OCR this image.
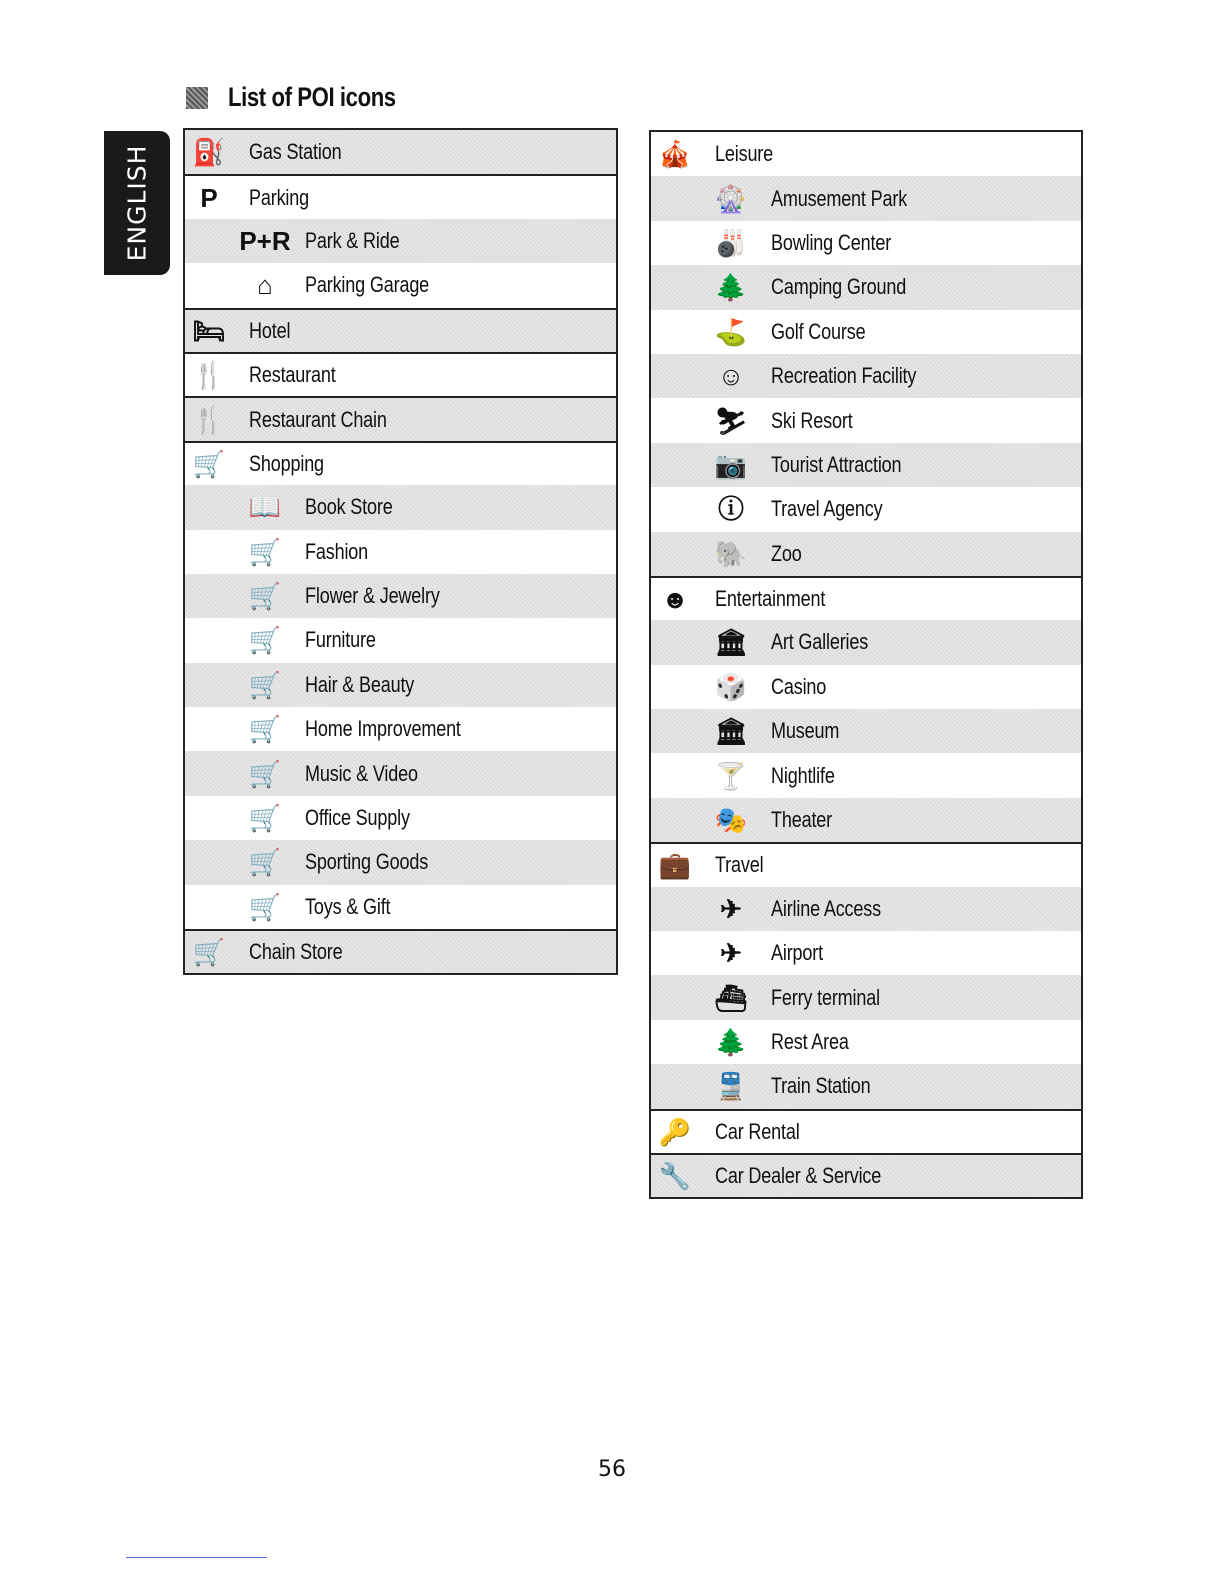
ENGLISH
List of POI icons
⛽ Gas Station
P	Parking
P+R Park & Ride
⌂	Parking Garage
🛏 Hotel
🍴 Restaurant
🍴 Restaurant Chain
🛒 Shopping
📖 Book Store
🛒 Fashion
🛒 Flower & Jewelry
🛒 Furniture
🛒 Hair & Beauty
🛒 Home Improvement
🛒 Music & Video
🛒 Office Supply
🛒 Sporting Goods
🛒 Toys & Gift
🛒 Chain Store
🎪 Leisure
🎡 Amusement Park
🎳 Bowling Center
🌲 Camping Ground
⛳ Golf Course
☺	Recreation Facility
⛷ Ski Resort
📷 Tourist Attraction
ⓘ	Travel Agency
🐘 Zoo
☻ Entertainment
🏛 Art Galleries
🎲 Casino
🏛 Museum
🍸 Nightlife
🎭 Theater
💼 Travel
✈	Airline Access
✈	Airport
⛴ Ferry terminal
🌲 Rest Area
🚆 Train Station
🔑 Car Rental
🔧 Car Dealer & Service
56
